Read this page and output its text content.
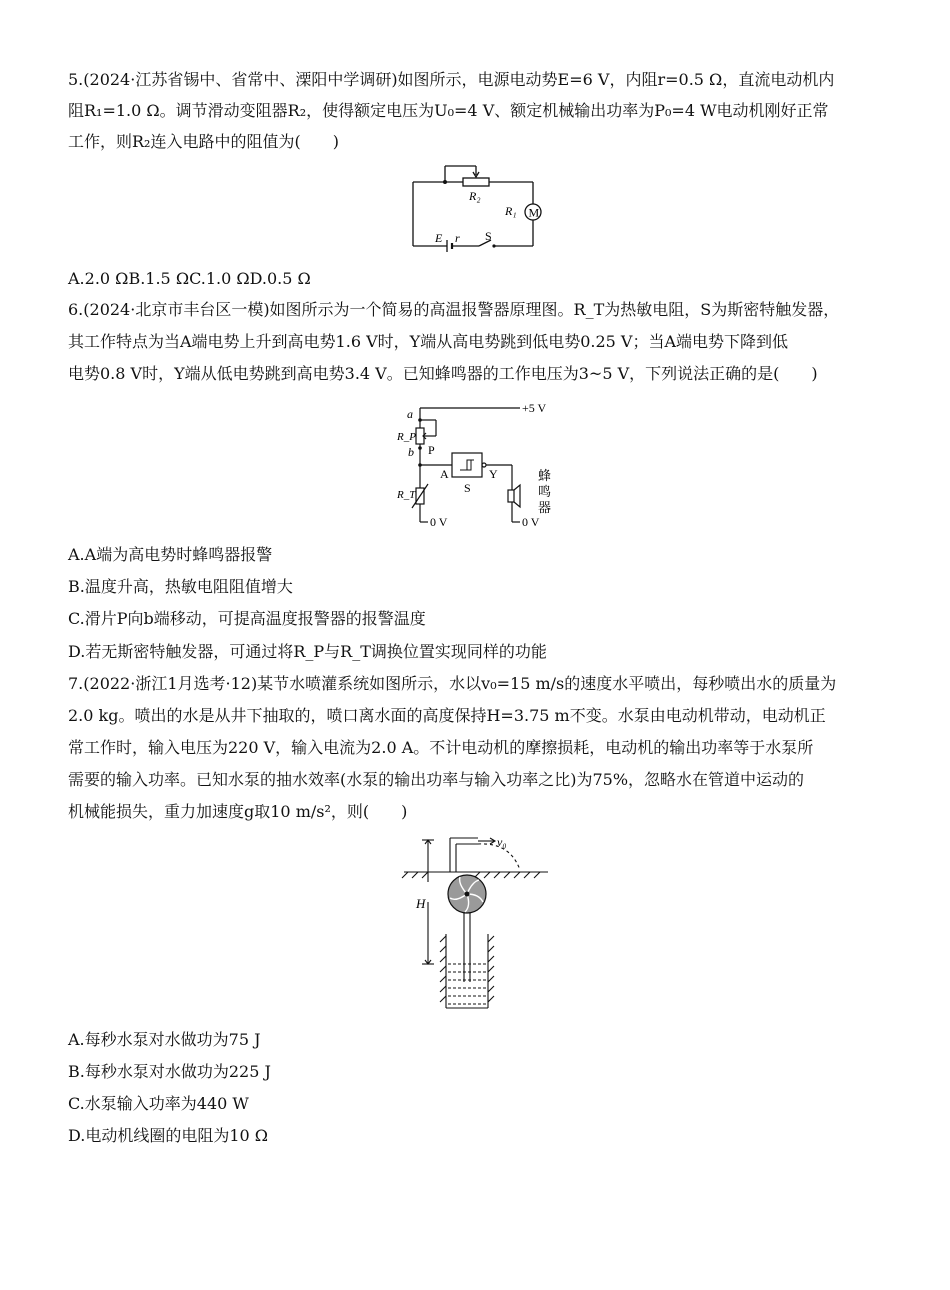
5.(2024·江苏省锡中、省常中、溧阳中学调研)如图所示，电源电动势E=6 V，内阻r=0.5 Ω，直流电动机内
阻R₁=1.0 Ω。调节滑动变阻器R₂，使得额定电压为U₀=4 V、额定机械输出功率为P₀=4 W电动机刚好正常
工作，则R₂连入电路中的阻值为(　　)
R₂
R₁ M
E r S
A.2.0 ΩB.1.5 ΩC.1.0 ΩD.0.5 Ω
6.(2024·北京市丰台区一模)如图所示为一个简易的高温报警器原理图。R_T为热敏电阻，S为斯密特触发器，
其工作特点为当A端电势上升到高电势1.6 V时，Y端从高电势跳到低电势0.25 V；当A端电势下降到低
电势0.8 V时，Y端从低电势跳到高电势3.4 V。已知蜂鸣器的工作电压为3~5 V，下列说法正确的是(　　)
+5 V
a
R_P
P
b
A
S
Y
R_T
0 V	0 V
蜂
鸣
器
A.A端为高电势时蜂鸣器报警
B.温度升高，热敏电阻阻值增大
C.滑片P向b端移动，可提高温度报警器的报警温度
D.若无斯密特触发器，可通过将R_P与R_T调换位置实现同样的功能
7.(2022·浙江1月选考·12)某节水喷灌系统如图所示，水以v₀=15 m/s的速度水平喷出，每秒喷出水的质量为
2.0 kg。喷出的水是从井下抽取的，喷口离水面的高度保持H=3.75 m不变。水泵由电动机带动，电动机正
常工作时，输入电压为220 V，输入电流为2.0 A。不计电动机的摩擦损耗，电动机的输出功率等于水泵所
需要的输入功率。已知水泵的抽水效率(水泵的输出功率与输入功率之比)为75%，忽略水在管道中运动的
机械能损失，重力加速度g取10 m/s²，则(　　)
H
v₀
A.每秒水泵对水做功为75 J
B.每秒水泵对水做功为225 J
C.水泵输入功率为440 W
D.电动机线圈的电阻为10 Ω
